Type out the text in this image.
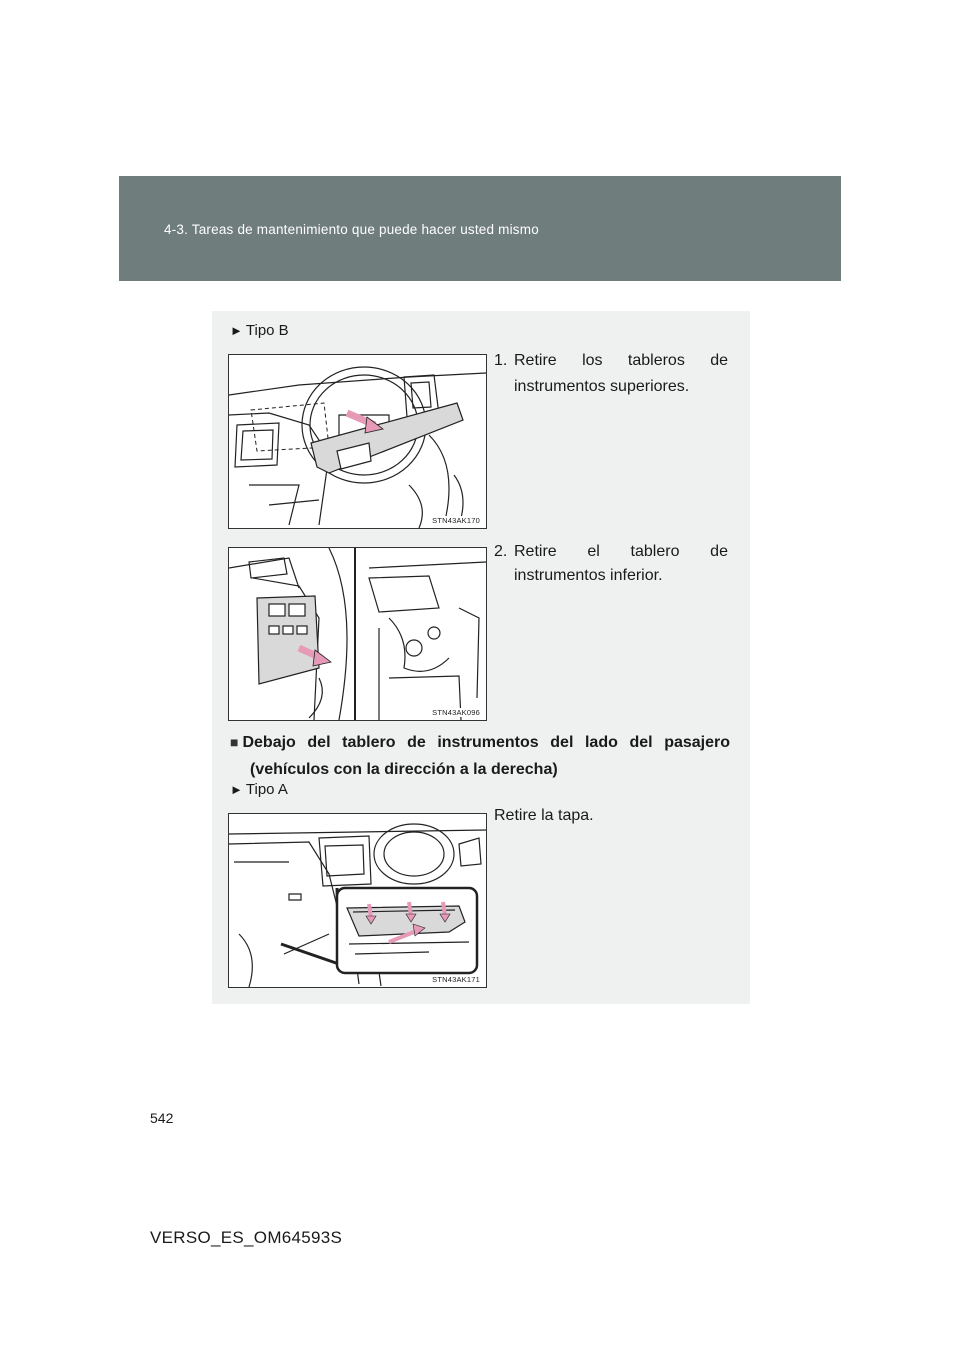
4-3. Tareas de mantenimiento que puede hacer usted mismo
► Tipo B
STN43AK170
1. Retire los tableros de
instrumentos superiores.
STN43AK096
2. Retire el tablero de
instrumentos inferior.
■ Debajo del tablero de instrumentos del lado del pasajero
(vehículos con la dirección a la derecha)
► Tipo A
STN43AK171
Retire la tapa.
542
VERSO_ES_OM64593S
